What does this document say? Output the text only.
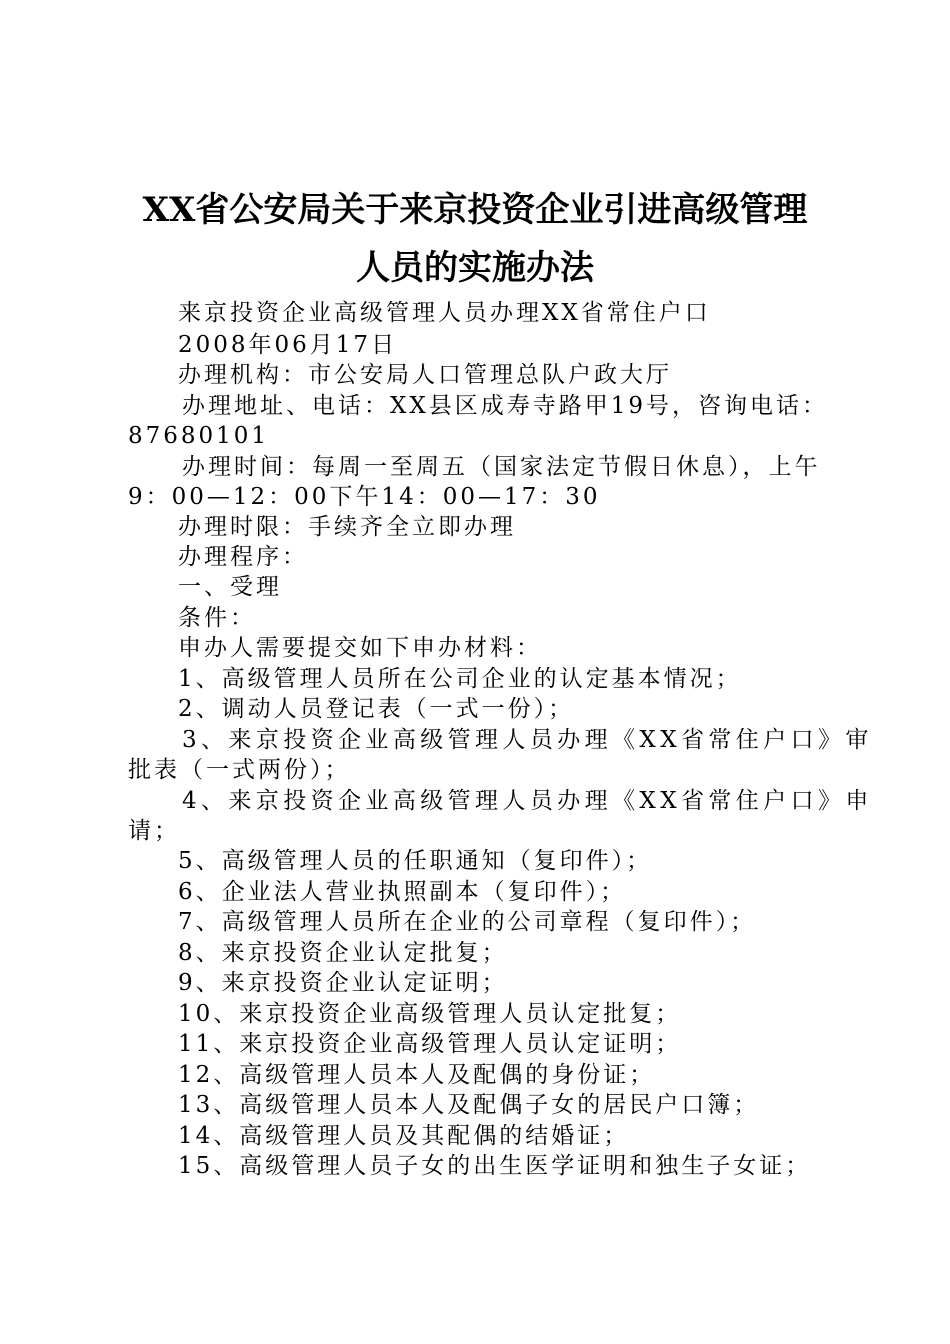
XX省公安局关于来京投资企业引进高级管理
人员的实施办法
来京投资企业高级管理人员办理XX省常住户口
2008年06月17日
办理机构：市公安局人口管理总队户政大厅
办理地址、电话：XX县区成寿寺路甲19号，咨询电话：
87680101
办理时间：每周一至周五（国家法定节假日休息），上午
9：00—12：00下午14：00—17：30
办理时限：手续齐全立即办理
办理程序：
一、受理
条件：
申办人需要提交如下申办材料：
1、高级管理人员所在公司企业的认定基本情况；
2、调动人员登记表（一式一份）；
3、来京投资企业高级管理人员办理《XX省常住户口》审
批表（一式两份）；
4、来京投资企业高级管理人员办理《XX省常住户口》申
请；
5、高级管理人员的任职通知（复印件）；
6、企业法人营业执照副本（复印件）；
7、高级管理人员所在企业的公司章程（复印件）；
8、来京投资企业认定批复；
9、来京投资企业认定证明；
10、来京投资企业高级管理人员认定批复；
11、来京投资企业高级管理人员认定证明；
12、高级管理人员本人及配偶的身份证；
13、高级管理人员本人及配偶子女的居民户口簿；
14、高级管理人员及其配偶的结婚证；
15、高级管理人员子女的出生医学证明和独生子女证；
